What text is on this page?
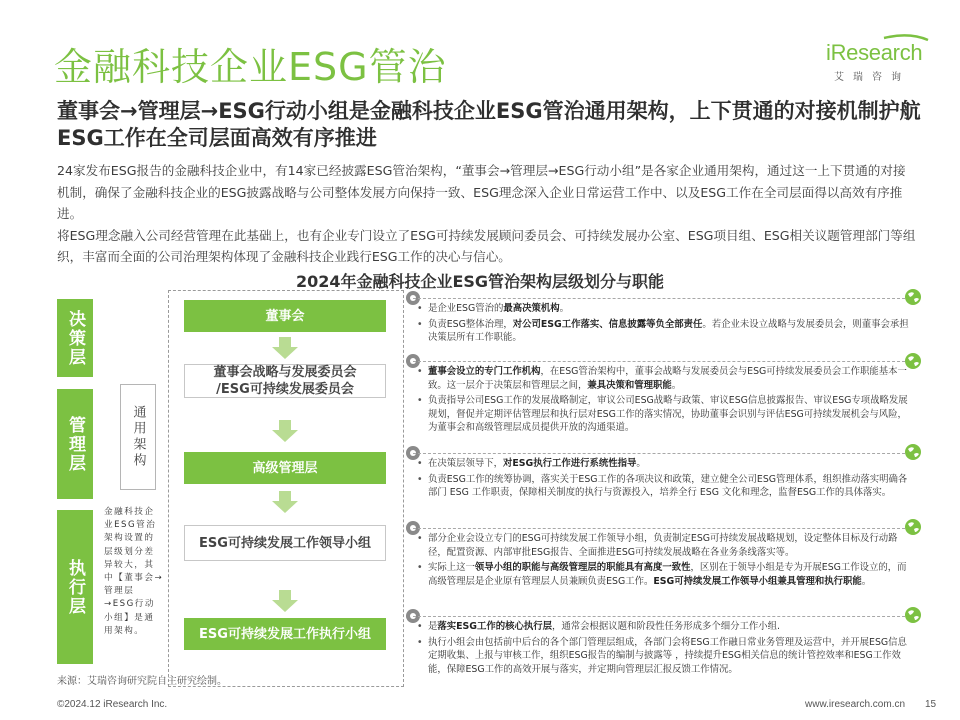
金融科技企业ESG管治	iResearch
艾瑞咨询
董事会→管理层→ESG行动小组是金融科技企业ESG管治通用架构，上下贯通的对接机制护航ESG工作在全司层面高效有序推进

24家发布ESG报告的金融科技企业中，有14家已经披露ESG管治架构，“董事会→管理层→ESG行动小组”是各家企业通用架构，通过这一上下贯通的对接机制，确保了金融科技企业的ESG披露战略与公司整体发展方向保持一致、ESG理念深入企业日常运营工作中、以及ESG工作在全司层面得以高效有序推进。

将ESG理念融入公司经营管理在此基础上，也有企业专门设立了ESG可持续发展顾问委员会、可持续发展办公室、ESG项目组、ESG相关议题管理部门等组织，丰富而全面的公司治理架构体现了金融科技企业践行ESG工作的决心与信心。

2024年金融科技企业ESG管治架构层级划分与职能
决策层
管理层
执行层
通用架构
金融科技企业ESG管治架构设置的层级划分差异较大，其中【董事会→管理层→ESG行动小组】是通用架构。
董事会
董事会战略与发展委员会
/ESG可持续发展委员会
高级管理层
ESG可持续发展工作领导小组
ESG可持续发展工作执行小组
• 是企业ESG管治的最高决策机构。
• 负责ESG整体治理，对公司ESG工作落实、信息披露等负全部责任。若企业未设立战略与发展委员会，则董事会承担决策层所有工作职能。
• 董事会设立的专门工作机构，在ESG管治架构中，董事会战略与发展委员会与ESG可持续发展委员会工作职能基本一致。这一层介于决策层和管理层之间，兼具决策和管理职能。
• 负责指导公司ESG工作的发展战略制定，审议公司ESG战略与政策、审议ESG信息披露报告、审议ESG专项战略发展规划，督促并定期评估管理层和执行层对ESG工作的落实情况，协助董事会识别与评估ESG可持续发展机会与风险，为董事会和高级管理层成员提供开放的沟通渠道。
• 在决策层领导下，对ESG执行工作进行系统性指导。
• 负责ESG工作的统筹协调，落实关于ESG工作的各项决议和政策，建立健全公司ESG管理体系，组织推动落实明确各部门 ESG 工作职责，保障相关制度的执行与资源投入，培养全行 ESG 文化和理念，监督ESG工作的具体落实。
• 部分企业会设立专门的ESG可持续发展工作领导小组，负责制定ESG可持续发展战略规划，设定整体目标及行动路径，配置资源、内部审批ESG报告、全面推进ESG可持续发展战略在各业务条线落实等。
• 实际上这一领导小组的职能与高级管理层的职能具有高度一致性，区别在于领导小组是专为开展ESG工作设立的，而高级管理层是企业原有管理层人员兼顾负责ESG工作。ESG可持续发展工作领导小组兼具管理和执行职能。
• 是落实ESG工作的核心执行层，通常会根据议题和阶段性任务形成多个细分工作小组.
• 执行小组会由包括前中后台的各个部门管理层组成，各部门会将ESG工作融日常业务管理及运营中，并开展ESG信息定期收集、上报与审核工作，组织ESG报告的编制与披露等 ，持续提升ESG相关信息的统计管控效率和ESG工作效能，保障ESG工作的高效开展与落实，并定期向管理层汇报反馈工作情况。
来源：艾瑞咨询研究院自主研究绘制。
©2024.12 iResearch Inc.	www.iresearch.com.cn 15
